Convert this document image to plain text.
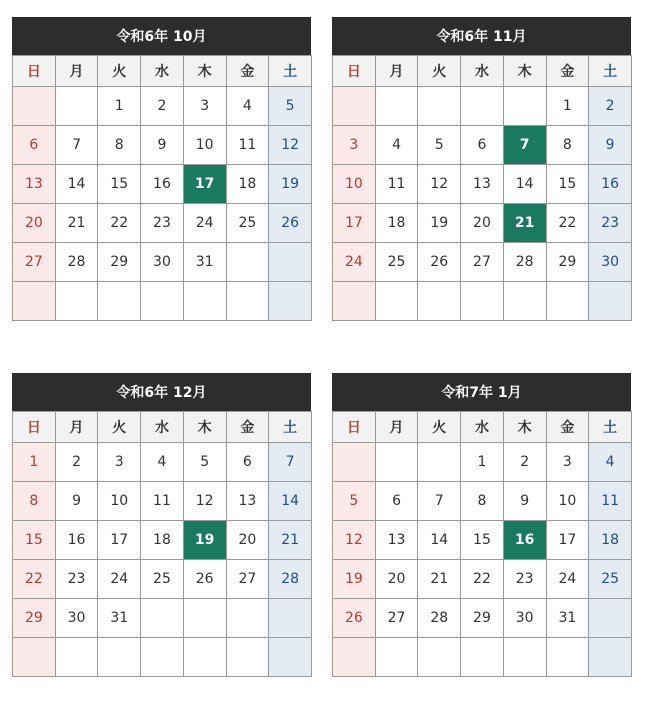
令和6年 10月
日	月	火	水	木	金	土
		1	2	3	4	5
6	7	8	9	10	11	12
13	14	15	16	17	18	19
20	21	22	23	24	25	26
27	28	29	30	31		

令和6年 11月
日	月	火	水	木	金	土
					1	2
3	4	5	6	7	8	9
10	11	12	13	14	15	16
17	18	19	20	21	22	23
24	25	26	27	28	29	30

令和6年 12月
日	月	火	水	木	金	土
1	2	3	4	5	6	7
8	9	10	11	12	13	14
15	16	17	18	19	20	21
22	23	24	25	26	27	28
29	30	31				

令和7年 1月
日	月	火	水	木	金	土
			1	2	3	4
5	6	7	8	9	10	11
12	13	14	15	16	17	18
19	20	21	22	23	24	25
26	27	28	29	30	31	
